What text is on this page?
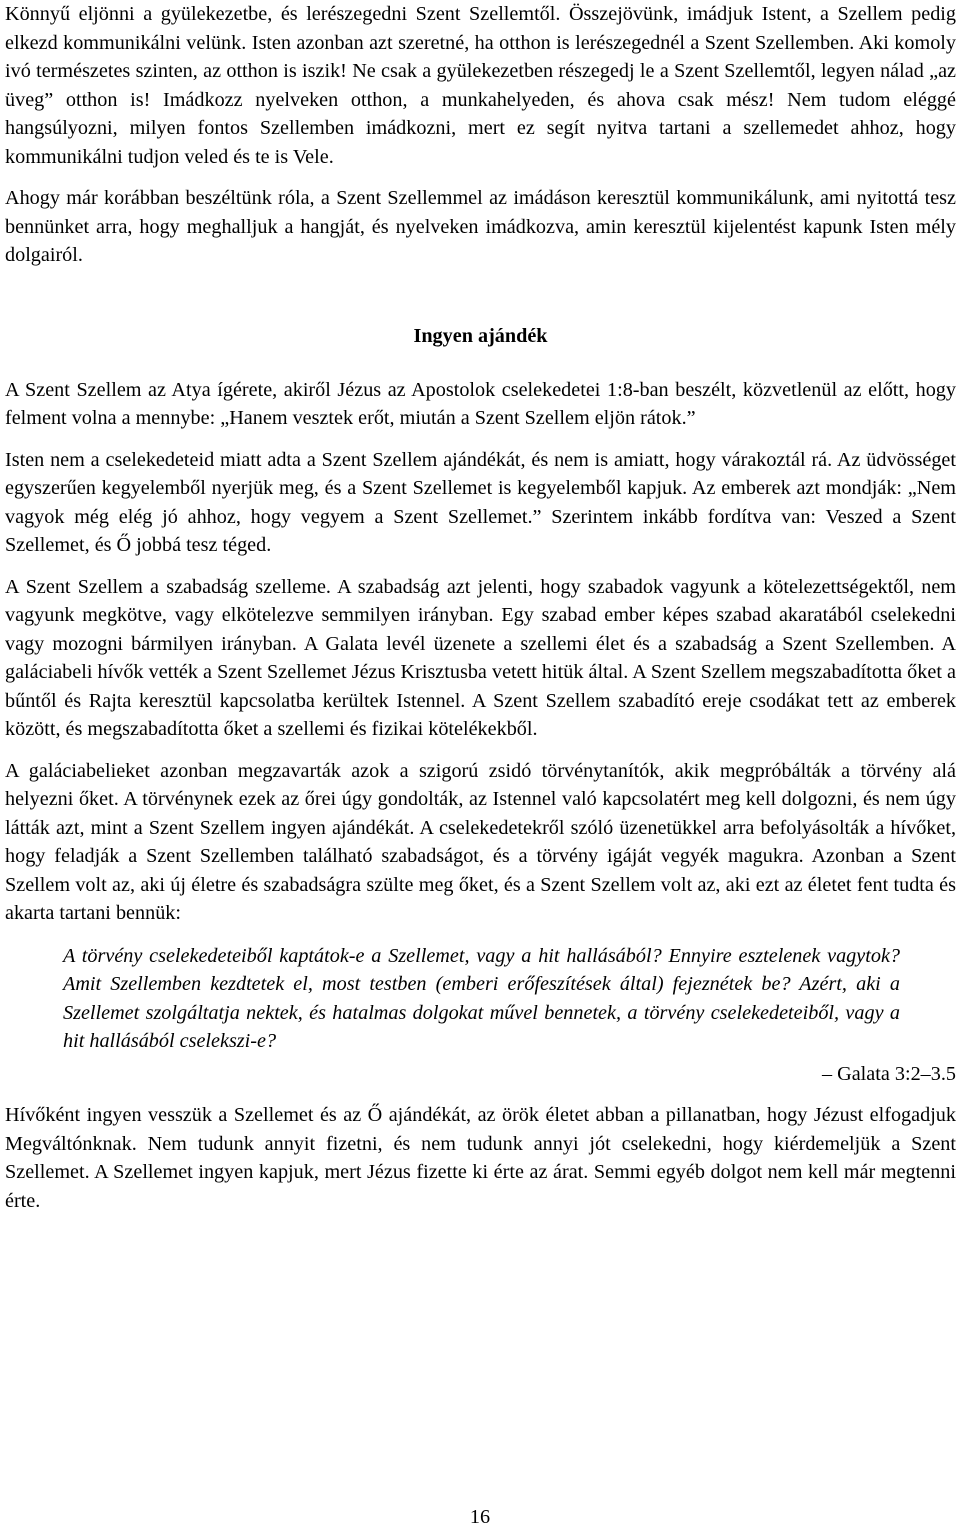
Könnyű eljönni a gyülekezetbe, és lerészegedni Szent Szellemtől. Összejövünk, imádjuk Istent, a Szellem pedig elkezd kommunikálni velünk. Isten azonban azt szeretné, ha otthon is lerészegednél a Szent Szellemben. Aki komoly ivó természetes szinten, az otthon is iszik! Ne csak a gyülekezetben részegedj le a Szent Szellemtől, legyen nálad „az üveg” otthon is! Imádkozz nyelveken otthon, a munkahelyeden, és ahova csak mész! Nem tudom eléggé hangsúlyozni, milyen fontos Szellemben imádkozni, mert ez segít nyitva tartani a szellemedet ahhoz, hogy kommunikálni tudjon veled és te is Vele.

Ahogy már korábban beszéltünk róla, a Szent Szellemmel az imádáson keresztül kommunikálunk, ami nyitottá tesz bennünket arra, hogy meghalljuk a hangját, és nyelveken imádkozva, amin keresztül kijelentést kapunk Isten mély dolgairól.

Ingyen ajándék

A Szent Szellem az Atya ígérete, akiről Jézus az Apostolok cselekedetei 1:8-ban beszélt, közvetlenül az előtt, hogy felment volna a mennybe: „Hanem vesztek erőt, miután a Szent Szellem eljön rátok.”

Isten nem a cselekedeteid miatt adta a Szent Szellem ajándékát, és nem is amiatt, hogy várakoztál rá. Az üdvösséget egyszerűen kegyelemből nyerjük meg, és a Szent Szellemet is kegyelemből kapjuk. Az emberek azt mondják: „Nem vagyok még elég jó ahhoz, hogy vegyem a Szent Szellemet.” Szerintem inkább fordítva van: Veszed a Szent Szellemet, és Ő jobbá tesz téged.

A Szent Szellem a szabadság szelleme. A szabadság azt jelenti, hogy szabadok vagyunk a kötelezettségektől, nem vagyunk megkötve, vagy elkötelezve semmilyen irányban. Egy szabad ember képes szabad akaratából cselekedni vagy mozogni bármilyen irányban. A Galata levél üzenete a szellemi élet és a szabadság a Szent Szellemben. A galáciabeli hívők vették a Szent Szellemet Jézus Krisztusba vetett hitük által. A Szent Szellem megszabadította őket a bűntől és Rajta keresztül kapcsolatba kerültek Istennel. A Szent Szellem szabadító ereje csodákat tett az emberek között, és megszabadította őket a szellemi és fizikai kötelékekből.

A galáciabelieket azonban megzavarták azok a szigorú zsidó törvénytanítók, akik megpróbálták a törvény alá helyezni őket. A törvénynek ezek az őrei úgy gondolták, az Istennel való kapcsolatért meg kell dolgozni, és nem úgy látták azt, mint a Szent Szellem ingyen ajándékát. A cselekedetekről szóló üzenetükkel arra befolyásolták a hívőket, hogy feladják a Szent Szellemben található szabadságot, és a törvény igáját vegyék magukra. Azonban a Szent Szellem volt az, aki új életre és szabadságra szülte meg őket, és a Szent Szellem volt az, aki ezt az életet fent tudta és akarta tartani bennük:

A törvény cselekedeteiből kaptátok-e a Szellemet, vagy a hit hallásából? Ennyire esztelenek vagytok? Amit Szellemben kezdtetek el, most testben (emberi erőfeszítések által) fejeznétek be? Azért, aki a Szellemet szolgáltatja nektek, és hatalmas dolgokat művel bennetek, a törvény cselekedeteiből, vagy a hit hallásából cselekszi-e?

– Galata 3:2–3.5

Hívőként ingyen vesszük a Szellemet és az Ő ajándékát, az örök életet abban a pillanatban, hogy Jézust elfogadjuk Megváltónknak. Nem tudunk annyit fizetni, és nem tudunk annyi jót cselekedni, hogy kiérdemeljük a Szent Szellemet. A Szellemet ingyen kapjuk, mert Jézus fizette ki érte az árat. Semmi egyéb dolgot nem kell már megtenni érte.

16
